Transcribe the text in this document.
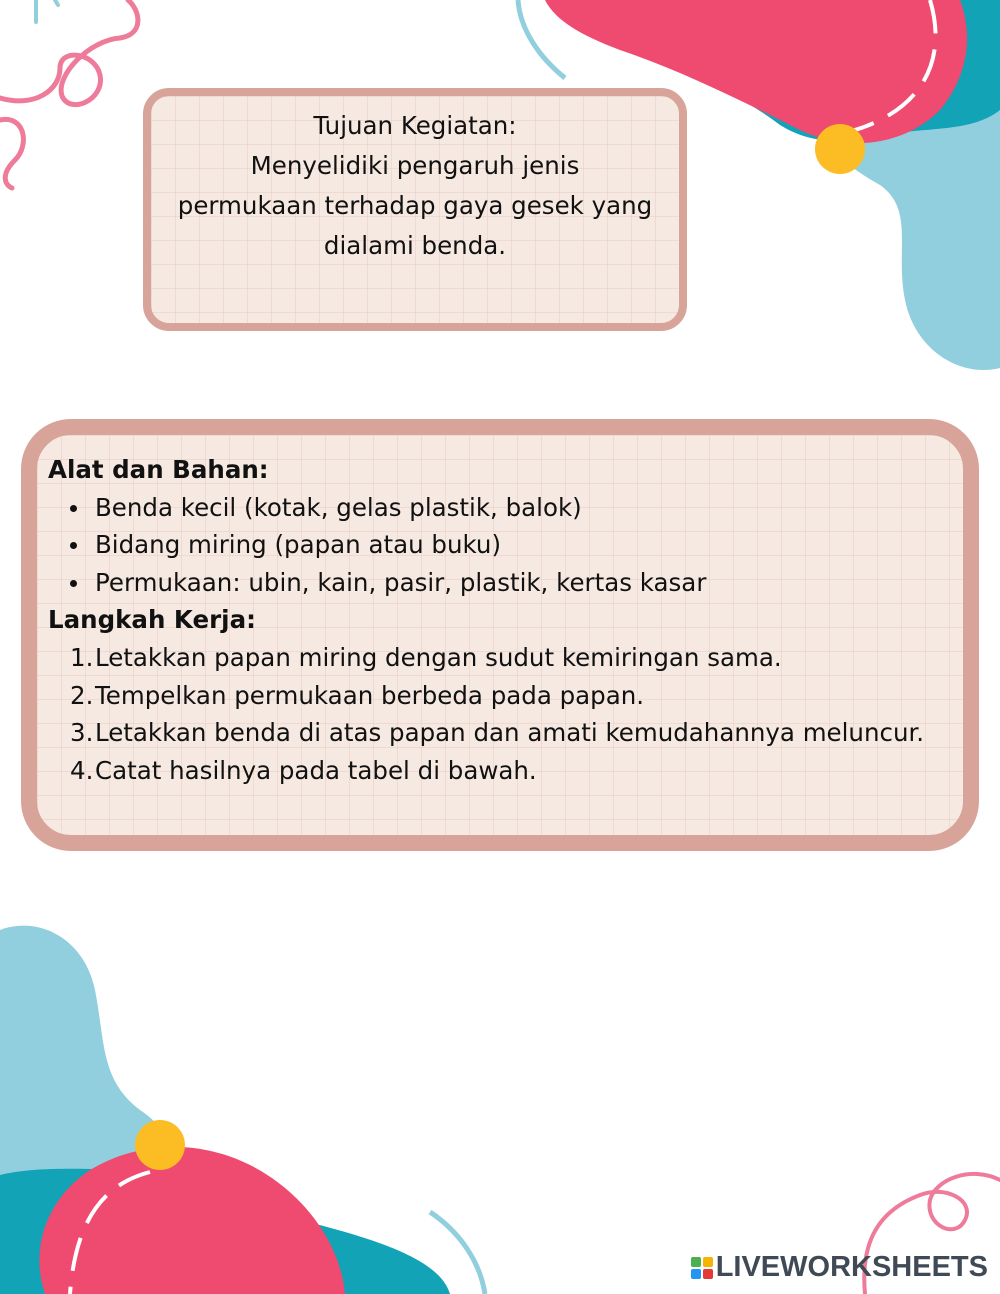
Tujuan Kegiatan:
Menyelidiki pengaruh jenis
permukaan terhadap gaya gesek yang
dialami benda.
Alat dan Bahan:
Benda kecil (kotak, gelas plastik, balok)
Bidang miring (papan atau buku)
Permukaan: ubin, kain, pasir, plastik, kertas kasar
Langkah Kerja:
1. Letakkan papan miring dengan sudut kemiringan sama.
2. Tempelkan permukaan berbeda pada papan.
3. Letakkan benda di atas papan dan amati kemudahannya meluncur.
4. Catat hasilnya pada tabel di bawah.
LIVEWORKSHEETS
